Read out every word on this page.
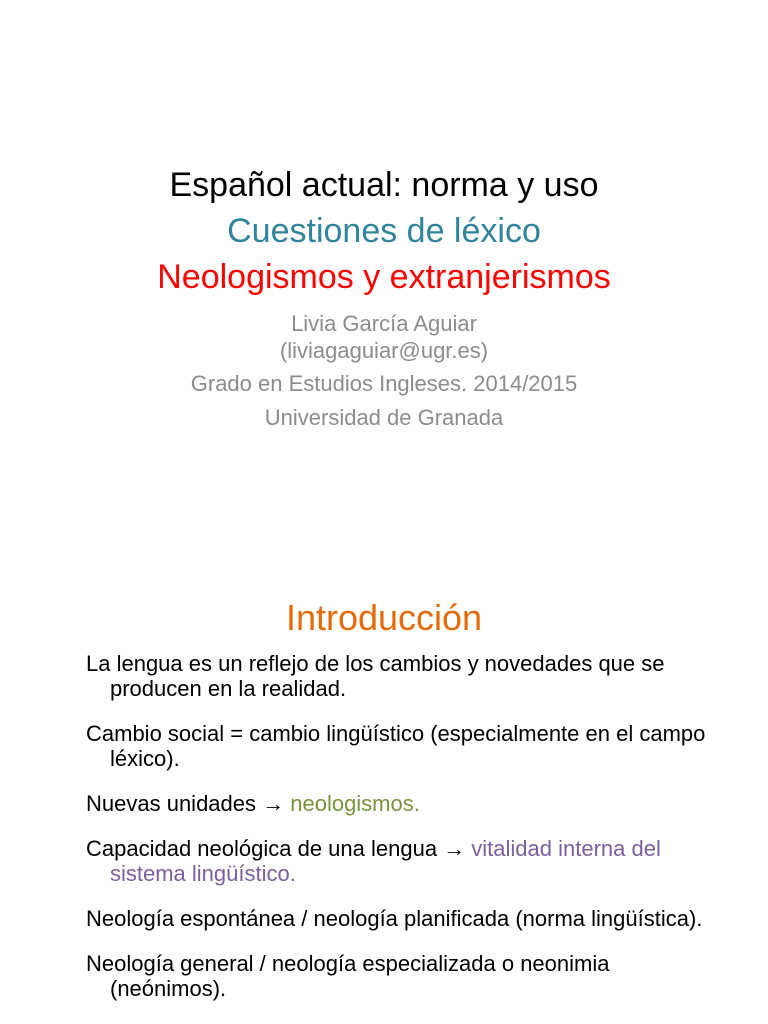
Español actual: norma y uso
Cuestiones de léxico
Neologismos y extranjerismos
Livia García Aguiar
(liviagaguiar@ugr.es)
Grado en Estudios Ingleses. 2014/2015
Universidad de Granada
Introducción
La lengua es un reflejo de los cambios y novedades que se producen en la realidad.
Cambio social = cambio lingüístico (especialmente en el campo léxico).
Nuevas unidades → neologismos.
Capacidad neológica de una lengua → vitalidad interna del sistema lingüístico.
Neología espontánea / neología planificada (norma lingüística).
Neología general / neología especializada o neonimia (neónimos).
